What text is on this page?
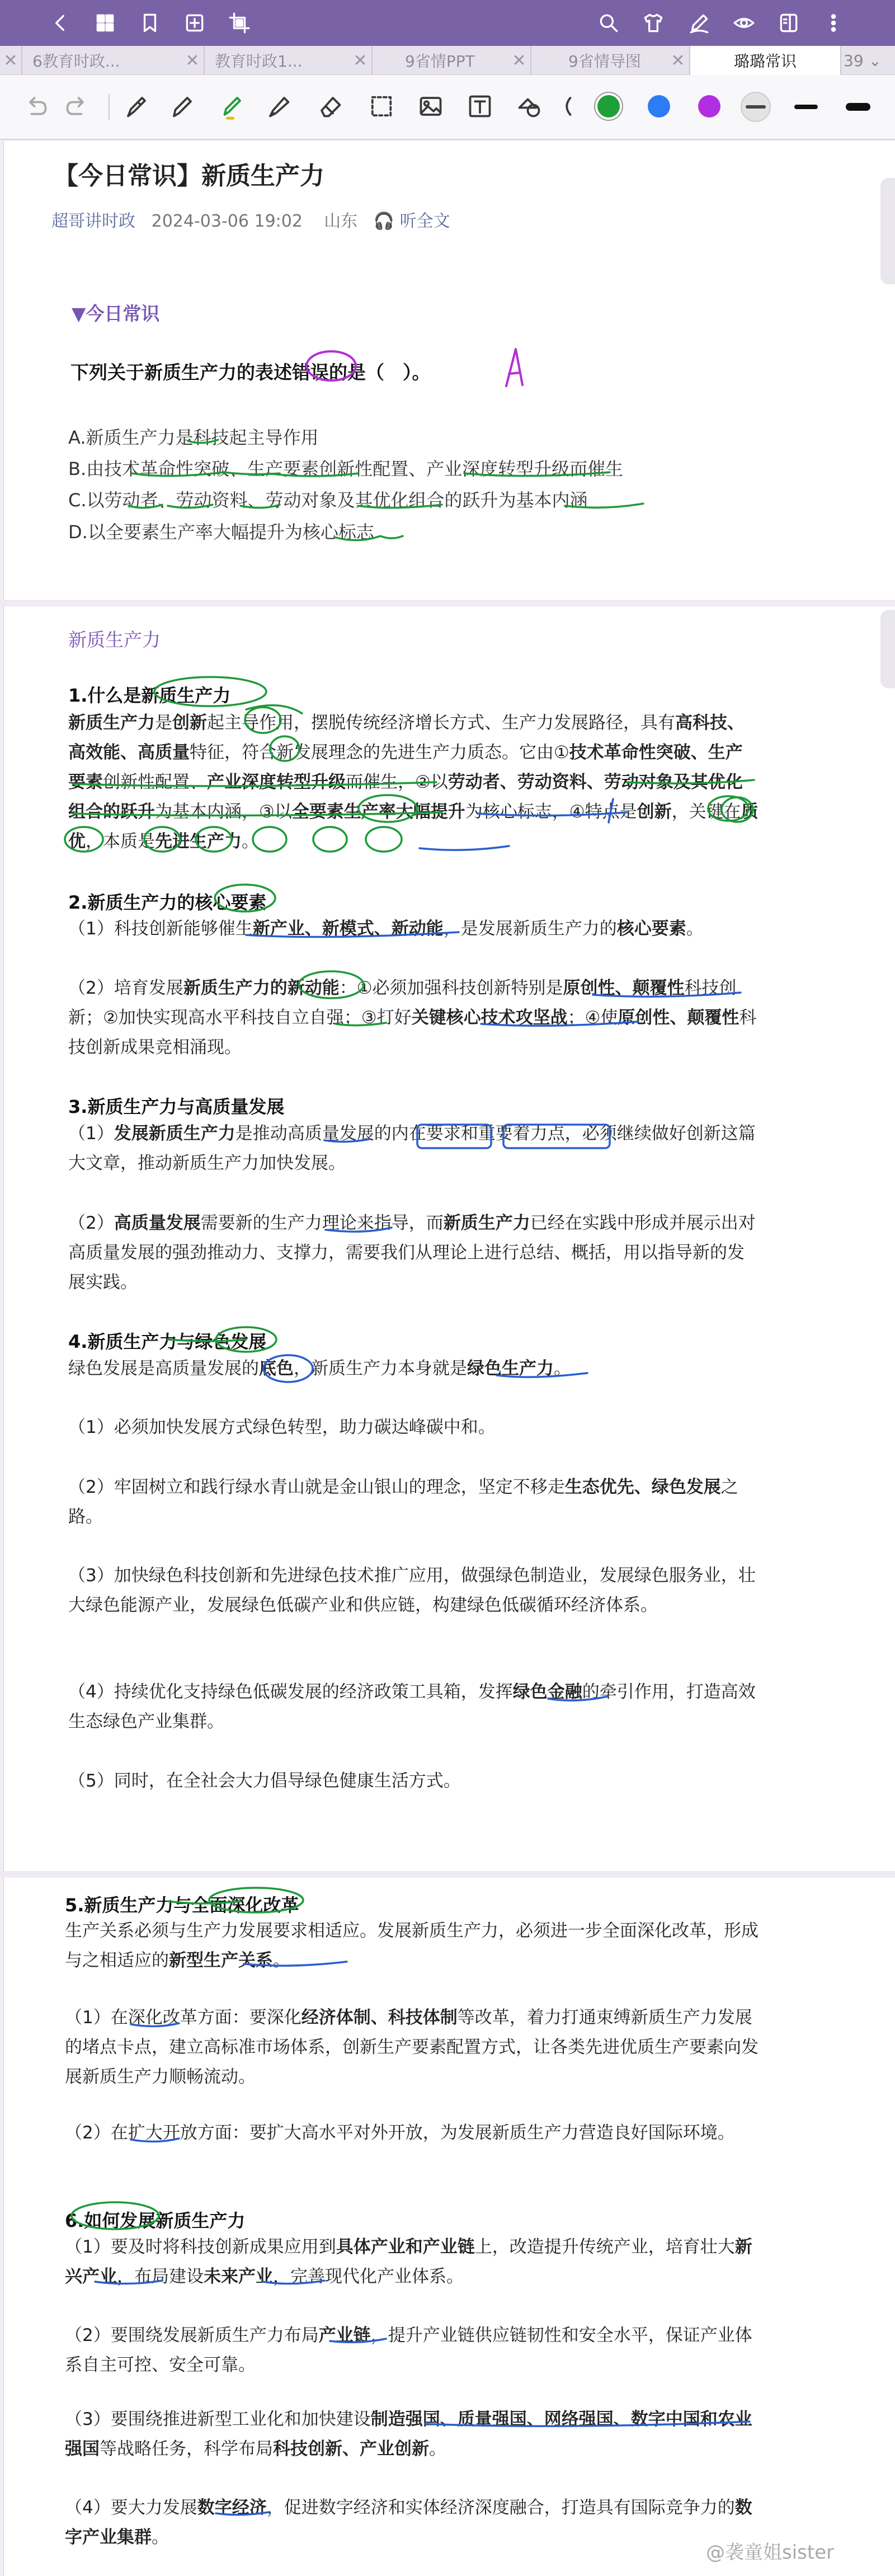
✕ 6教育时政...	✕ 教育时政1...	✕	9省情PPT	✕	9省情导图	✕	璐璐常识	39
⌄
【今日常识】新质生产力
超哥讲时政 2024-03-06 19:02 山东 🎧 听全文
▼今日常识
下列关于新质生产力的表述错误的是（　）。
A.新质生产力是科技起主导作用
B.由技术革命性突破、生产要素创新性配置、产业深度转型升级而催生
C.以劳动者、劳动资料、劳动对象及其优化组合的跃升为基本内涵
D.以全要素生产率大幅提升为核心标志
新质生产力
1.什么是新质生产力
新质生产力是创新起主导作用，摆脱传统经济增长方式、生产力发展路径，具有高科技、高效能、高质量特征，符合新发展理念的先进生产力质态。它由①技术革命性突破、生产要素创新性配置、产业深度转型升级而催生，②以劳动者、劳动资料、劳动对象及其优化组合的跃升为基本内涵，③以全要素生产率大幅提升为核心标志，④特点是创新，关键在质优，本质是先进生产力。
2.新质生产力的核心要素
（1）科技创新能够催生新产业、新模式、新动能，是发展新质生产力的核心要素。
（2）培育发展新质生产力的新动能：①必须加强科技创新特别是原创性、颠覆性科技创新；②加快实现高水平科技自立自强；③打好关键核心技术攻坚战；④使原创性、颠覆性科技创新成果竞相涌现。
3.新质生产力与高质量发展
（1）发展新质生产力是推动高质量发展的内在要求和重要着力点，必须继续做好创新这篇大文章，推动新质生产力加快发展。
（2）高质量发展需要新的生产力理论来指导，而新质生产力已经在实践中形成并展示出对高质量发展的强劲推动力、支撑力，需要我们从理论上进行总结、概括，用以指导新的发展实践。
4.新质生产力与绿色发展
绿色发展是高质量发展的底色，新质生产力本身就是绿色生产力。
（1）必须加快发展方式绿色转型，助力碳达峰碳中和。
（2）牢固树立和践行绿水青山就是金山银山的理念，坚定不移走生态优先、绿色发展之路。
（3）加快绿色科技创新和先进绿色技术推广应用，做强绿色制造业，发展绿色服务业，壮大绿色能源产业，发展绿色低碳产业和供应链，构建绿色低碳循环经济体系。
（4）持续优化支持绿色低碳发展的经济政策工具箱，发挥绿色金融的牵引作用，打造高效生态绿色产业集群。
（5）同时，在全社会大力倡导绿色健康生活方式。
5.新质生产力与全面深化改革
生产关系必须与生产力发展要求相适应。发展新质生产力，必须进一步全面深化改革，形成与之相适应的新型生产关系。
（1）在深化改革方面：要深化经济体制、科技体制等改革，着力打通束缚新质生产力发展的堵点卡点，建立高标准市场体系，创新生产要素配置方式，让各类先进优质生产要素向发展新质生产力顺畅流动。
（2）在扩大开放方面：要扩大高水平对外开放，为发展新质生产力营造良好国际环境。
6.如何发展新质生产力
（1）要及时将科技创新成果应用到具体产业和产业链上，改造提升传统产业，培育壮大新兴产业，布局建设未来产业，完善现代化产业体系。
（2）要围绕发展新质生产力布局产业链，提升产业链供应链韧性和安全水平，保证产业体系自主可控、安全可靠。
（3）要围绕推进新型工业化和加快建设制造强国、质量强国、网络强国、数字中国和农业强国等战略任务，科学布局科技创新、产业创新。
（4）要大力发展数字经济，促进数字经济和实体经济深度融合，打造具有国际竞争力的数字产业集群。
@袭童姐sister
